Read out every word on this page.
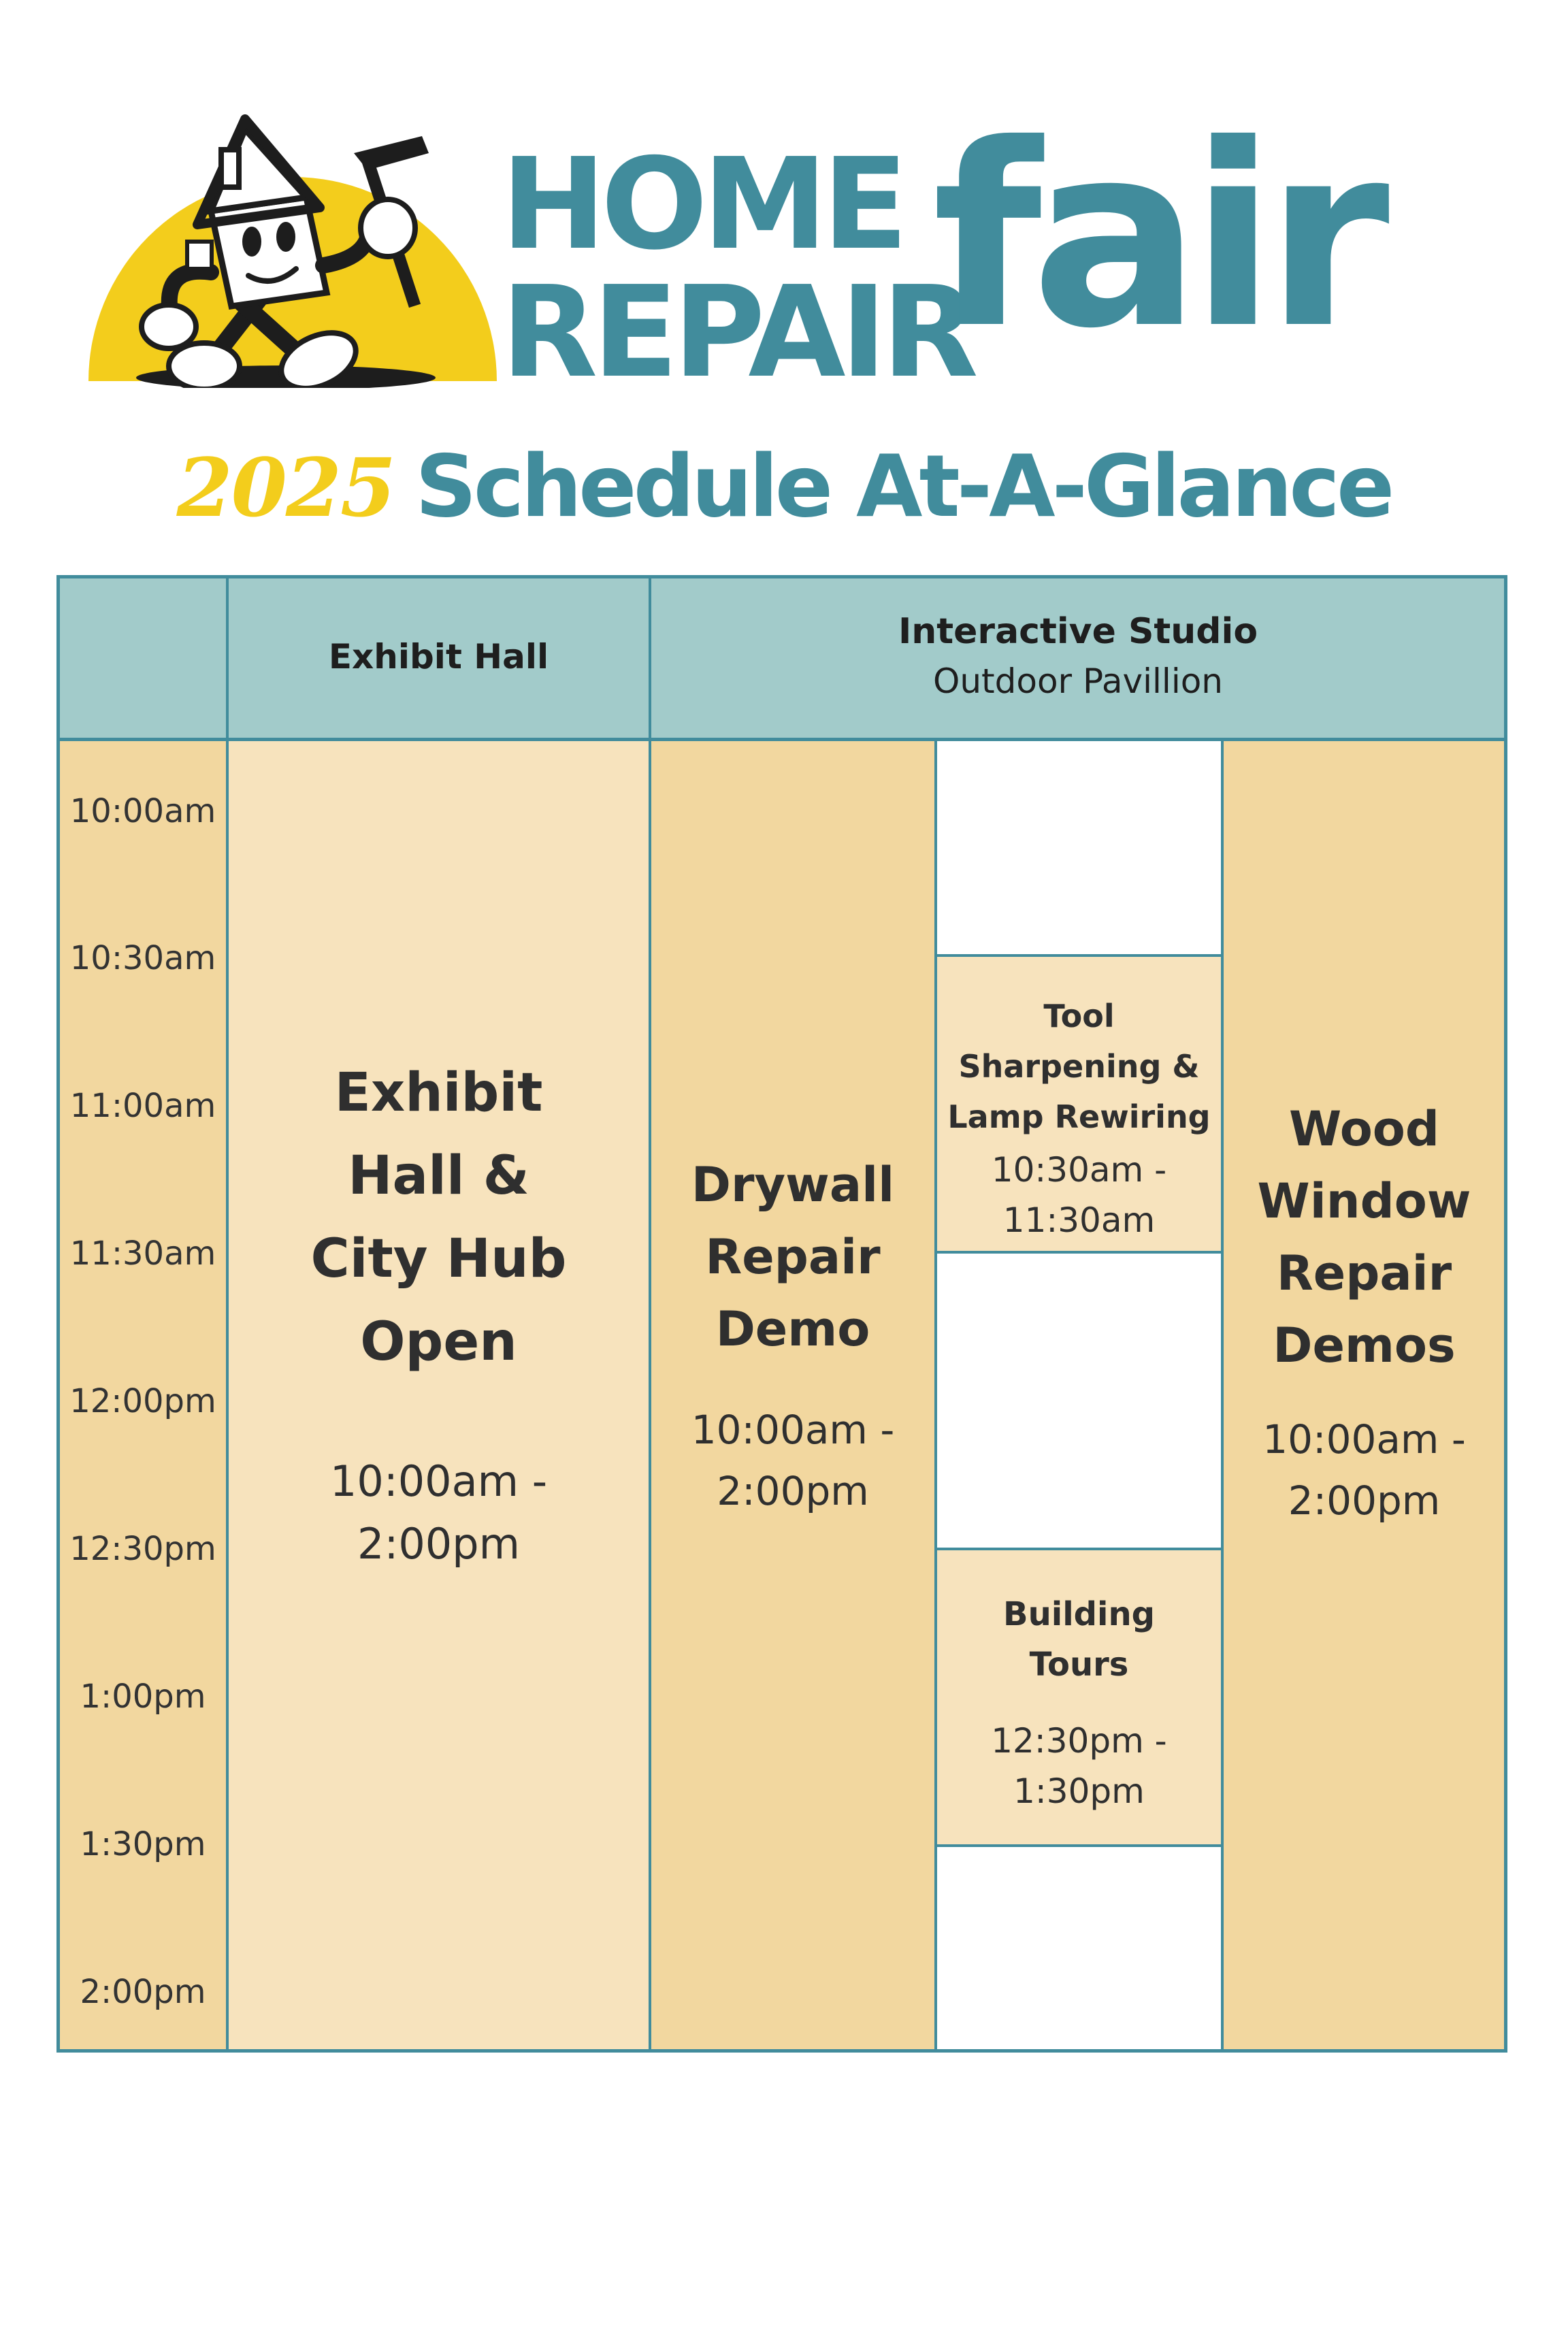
HOME
REPAIR
fair
2025 Schedule At-A-Glance
Exhibit Hall
Interactive Studio
Outdoor Pavillion
10:00am
10:30am
11:00am
11:30am
12:00pm
12:30pm
1:00pm
1:30pm
2:00pm
Exhibit
Hall &
City Hub
Open
10:00am -
2:00pm
Drywall
Repair
Demo
10:00am -
2:00pm
Tool
Sharpening &
Lamp Rewiring
10:30am -
11:30am
Building
Tours
12:30pm -
1:30pm
Wood
Window
Repair
Demos
10:00am -
2:00pm
